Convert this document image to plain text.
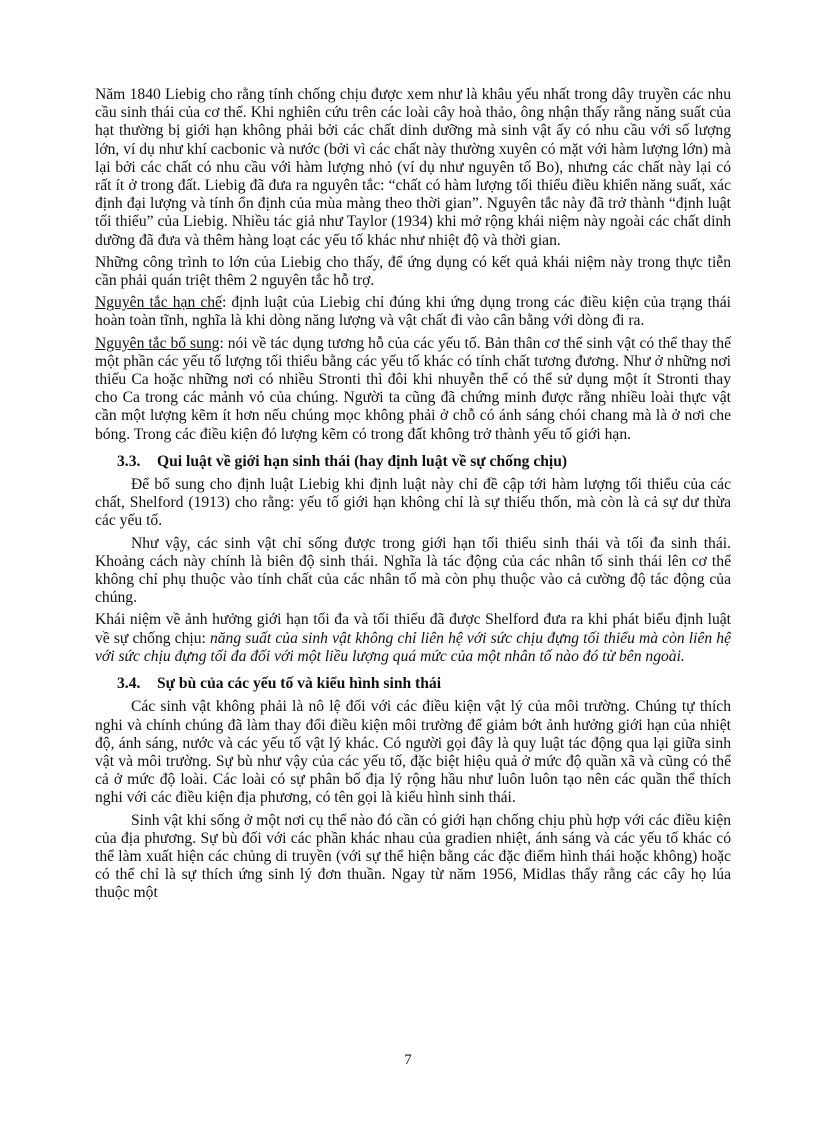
Năm 1840 Liebig cho rằng tính chống chịu được xem như là khâu yếu nhất trong dây truyền các nhu cầu sinh thái của cơ thể. Khi nghiên cứu trên các loài cây hoà thảo, ông nhận thấy rằng năng suất của hạt thường bị giới hạn không phải bởi các chất dinh dưỡng mà sinh vật ấy có nhu cầu với số lượng lớn, ví dụ như khí cacbonic và nước (bởi vì các chất này thường xuyên có mặt với hàm lượng lớn) mà lại bởi các chất có nhu cầu với hàm lượng nhỏ (ví dụ như nguyên tố Bo), nhưng các chất này lại có rất ít ở trong đất. Liebig đã đưa ra nguyên tắc: “chất có hàm lượng tối thiểu điều khiển năng suất, xác định đại lượng và tính ổn định của mùa màng theo thời gian”. Nguyên tắc này đã trở thành “định luật tối thiểu” của Liebig. Nhiều tác giả như Taylor (1934) khi mở rộng khái niệm này ngoài các chất dinh dưỡng đã đưa và thêm hàng loạt các yếu tố khác như nhiệt độ và thời gian.

Những công trình to lớn của Liebig cho thấy, để ứng dụng có kết quả khái niệm này trong thực tiễn cần phải quán triệt thêm 2 nguyên tắc hỗ trợ.

Nguyên tắc hạn chế: định luật của Liebig chỉ đúng khi ứng dụng trong các điều kiện của trạng thái hoàn toàn tĩnh, nghĩa là khi dòng năng lượng và vật chất đi vào cân bằng với dòng đi ra.

Nguyên tắc bổ sung: nói về tác dụng tương hỗ của các yếu tố. Bản thân cơ thể sinh vật có thể thay thế một phần các yếu tố lượng tối thiểu bằng các yếu tố khác có tính chất tương đương. Như ở những nơi thiếu Ca hoặc những nơi có nhiều Stronti thì đôi khi nhuyễn thể có thể sử dụng một ít Stronti thay cho Ca trong các mảnh vỏ của chúng. Người ta cũng đã chứng minh được rằng nhiều loài thực vật cần một lượng kẽm ít hơn nếu chúng mọc không phải ở chỗ có ánh sáng chói chang mà là ở nơi che bóng. Trong các điều kiện đó lượng kẽm có trong đất không trở thành yếu tố giới hạn.

3.3. Qui luật về giới hạn sinh thái (hay định luật về sự chống chịu)

Để bổ sung cho định luật Liebig khi định luật này chỉ đề cập tới hàm lượng tối thiểu của các chất, Shelford (1913) cho rằng: yếu tố giới hạn không chỉ là sự thiếu thốn, mà còn là cả sự dư thừa các yếu tố.

Như vậy, các sinh vật chỉ sống được trong giới hạn tối thiểu sinh thái và tối đa sinh thái. Khoảng cách này chính là biên độ sinh thái. Nghĩa là tác động của các nhân tố sinh thái lên cơ thể không chỉ phụ thuộc vào tính chất của các nhân tố mà còn phụ thuộc vào cả cường độ tác động của chúng.

Khái niệm về ảnh hưởng giới hạn tối đa và tối thiểu đã được Shelford đưa ra khi phát biểu định luật về sự chống chịu: năng suất của sinh vật không chỉ liên hệ với sức chịu đựng tối thiểu mà còn liên hệ với sức chịu đựng tối đa đối với một liều lượng quá mức của một nhân tố nào đó từ bên ngoài.

3.4. Sự bù của các yếu tố và kiểu hình sinh thái

Các sinh vật không phải là nô lệ đối với các điều kiện vật lý của môi trường. Chúng tự thích nghi và chính chúng đã làm thay đổi điều kiện môi trường để giảm bớt ảnh hưởng giới hạn của nhiệt độ, ánh sáng, nước và các yếu tố vật lý khác. Có người gọi đây là quy luật tác động qua lại giữa sinh vật và môi trường. Sự bù như vậy của các yếu tố, đặc biệt hiệu quả ở mức độ quần xã và cũng có thể cả ở mức độ loài. Các loài có sự phân bố địa lý rộng hầu như luôn luôn tạo nên các quần thể thích nghi với các điều kiện địa phương, có tên gọi là kiểu hình sinh thái.

Sinh vật khi sống ở một nơi cụ thể nào đó cần có giới hạn chống chịu phù hợp với các điều kiện của địa phương. Sự bù đối với các phần khác nhau của gradien nhiệt, ánh sáng và các yếu tố khác có thể làm xuất hiện các chủng di truyền (với sự thể hiện bằng các đặc điểm hình thái hoặc không) hoặc có thể chỉ là sự thích ứng sinh lý đơn thuần. Ngay từ năm 1956, Midlas thấy rằng các cây họ lúa thuộc một

7
